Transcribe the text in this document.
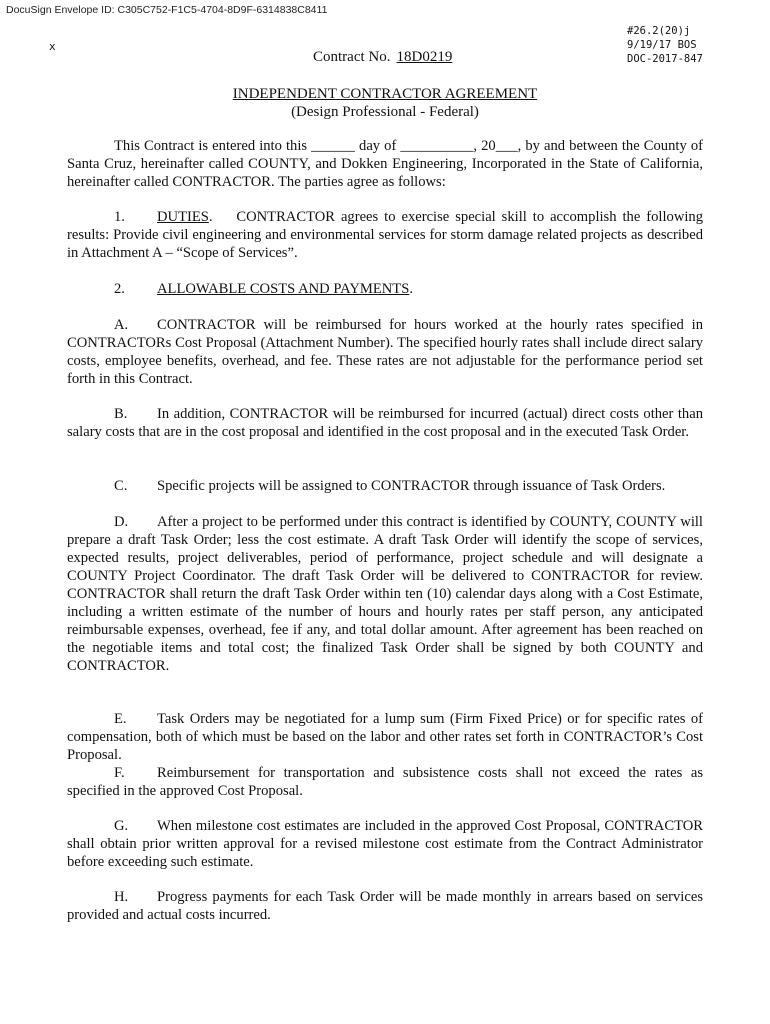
DocuSign Envelope ID: C305C752-F1C5-4704-8D9F-6314838C8411
x
#26.2(20)j
9/19/17 BOS
DOC-2017-847
Contract No. 18D0219
INDEPENDENT CONTRACTOR AGREEMENT
(Design Professional - Federal)

This Contract is entered into this ______ day of __________, 20___, by and between the County of Santa Cruz, hereinafter called COUNTY, and Dokken Engineering, Incorporated in the State of California, hereinafter called CONTRACTOR. The parties agree as follows:

1. DUTIES.    CONTRACTOR agrees to exercise special skill to accomplish the following results: Provide civil engineering and environmental services for storm damage related projects as described in Attachment A – “Scope of Services”.

2. ALLOWABLE COSTS AND PAYMENTS.

A. CONTRACTOR will be reimbursed for hours worked at the hourly rates specified in CONTRACTORs Cost Proposal (Attachment Number). The specified hourly rates shall include direct salary costs, employee benefits, overhead, and fee. These rates are not adjustable for the performance period set forth in this Contract.

B. In addition, CONTRACTOR will be reimbursed for incurred (actual) direct costs other than salary costs that are in the cost proposal and identified in the cost proposal and in the executed Task Order.

C. Specific projects will be assigned to CONTRACTOR through issuance of Task Orders.

D. After a project to be performed under this contract is identified by COUNTY, COUNTY will prepare a draft Task Order; less the cost estimate. A draft Task Order will identify the scope of services, expected results, project deliverables, period of performance, project schedule and will designate a COUNTY Project Coordinator. The draft Task Order will be delivered to CONTRACTOR for review. CONTRACTOR shall return the draft Task Order within ten (10) calendar days along with a Cost Estimate, including a written estimate of the number of hours and hourly rates per staff person, any anticipated reimbursable expenses, overhead, fee if any, and total dollar amount. After agreement has been reached on the negotiable items and total cost; the finalized Task Order shall be signed by both COUNTY and CONTRACTOR.

E. Task Orders may be negotiated for a lump sum (Firm Fixed Price) or for specific rates of compensation, both of which must be based on the labor and other rates set forth in CONTRACTOR’s Cost Proposal.

F. Reimbursement for transportation and subsistence costs shall not exceed the rates as specified in the approved Cost Proposal.

G. When milestone cost estimates are included in the approved Cost Proposal, CONTRACTOR shall obtain prior written approval for a revised milestone cost estimate from the Contract Administrator before exceeding such estimate.

H. Progress payments for each Task Order will be made monthly in arrears based on services provided and actual costs incurred.
